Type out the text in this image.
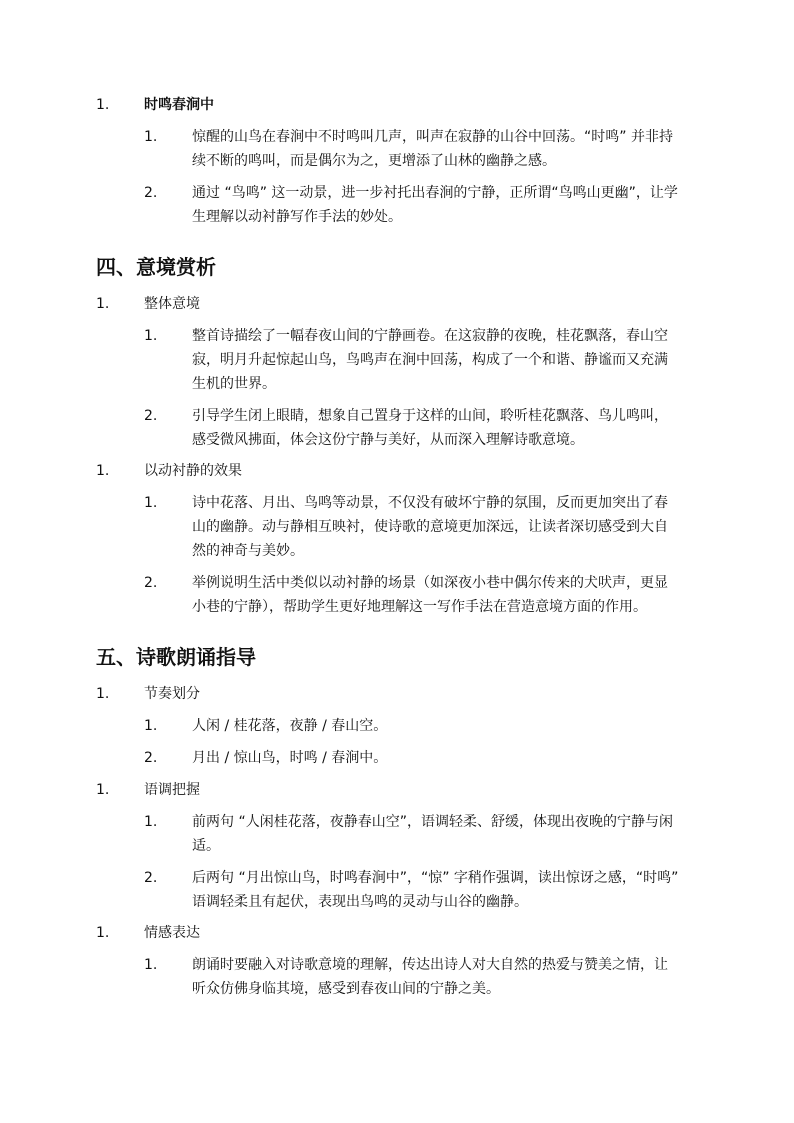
1. 时鸣春涧中
1. 惊醒的山鸟在春涧中不时鸣叫几声，叫声在寂静的山谷中回荡。“时鸣” 并非持
续不断的鸣叫，而是偶尔为之，更增添了山林的幽静之感。
2. 通过 “鸟鸣” 这一动景，进一步衬托出春涧的宁静，正所谓“鸟鸣山更幽”，让学
生理解以动衬静写作手法的妙处。
四、意境赏析
1. 整体意境
1. 整首诗描绘了一幅春夜山间的宁静画卷。在这寂静的夜晚，桂花飘落，春山空
寂，明月升起惊起山鸟，鸟鸣声在涧中回荡，构成了一个和谐、静谧而又充满
生机的世界。
2. 引导学生闭上眼睛，想象自己置身于这样的山间，聆听桂花飘落、鸟儿鸣叫，
感受微风拂面，体会这份宁静与美好，从而深入理解诗歌意境。
1. 以动衬静的效果
1. 诗中花落、月出、鸟鸣等动景，不仅没有破坏宁静的氛围，反而更加突出了春
山的幽静。动与静相互映衬，使诗歌的意境更加深远，让读者深切感受到大自
然的神奇与美妙。
2. 举例说明生活中类似以动衬静的场景（如深夜小巷中偶尔传来的犬吠声，更显
小巷的宁静），帮助学生更好地理解这一写作手法在营造意境方面的作用。
五、诗歌朗诵指导
1. 节奏划分
1. 人闲 / 桂花落，夜静 / 春山空。
2. 月出 / 惊山鸟，时鸣 / 春涧中。
1. 语调把握
1. 前两句 “人闲桂花落，夜静春山空”，语调轻柔、舒缓，体现出夜晚的宁静与闲
适。
2. 后两句 “月出惊山鸟，时鸣春涧中”，“惊” 字稍作强调，读出惊讶之感，“时鸣”
语调轻柔且有起伏，表现出鸟鸣的灵动与山谷的幽静。
1. 情感表达
1. 朗诵时要融入对诗歌意境的理解，传达出诗人对大自然的热爱与赞美之情，让
听众仿佛身临其境，感受到春夜山间的宁静之美。
